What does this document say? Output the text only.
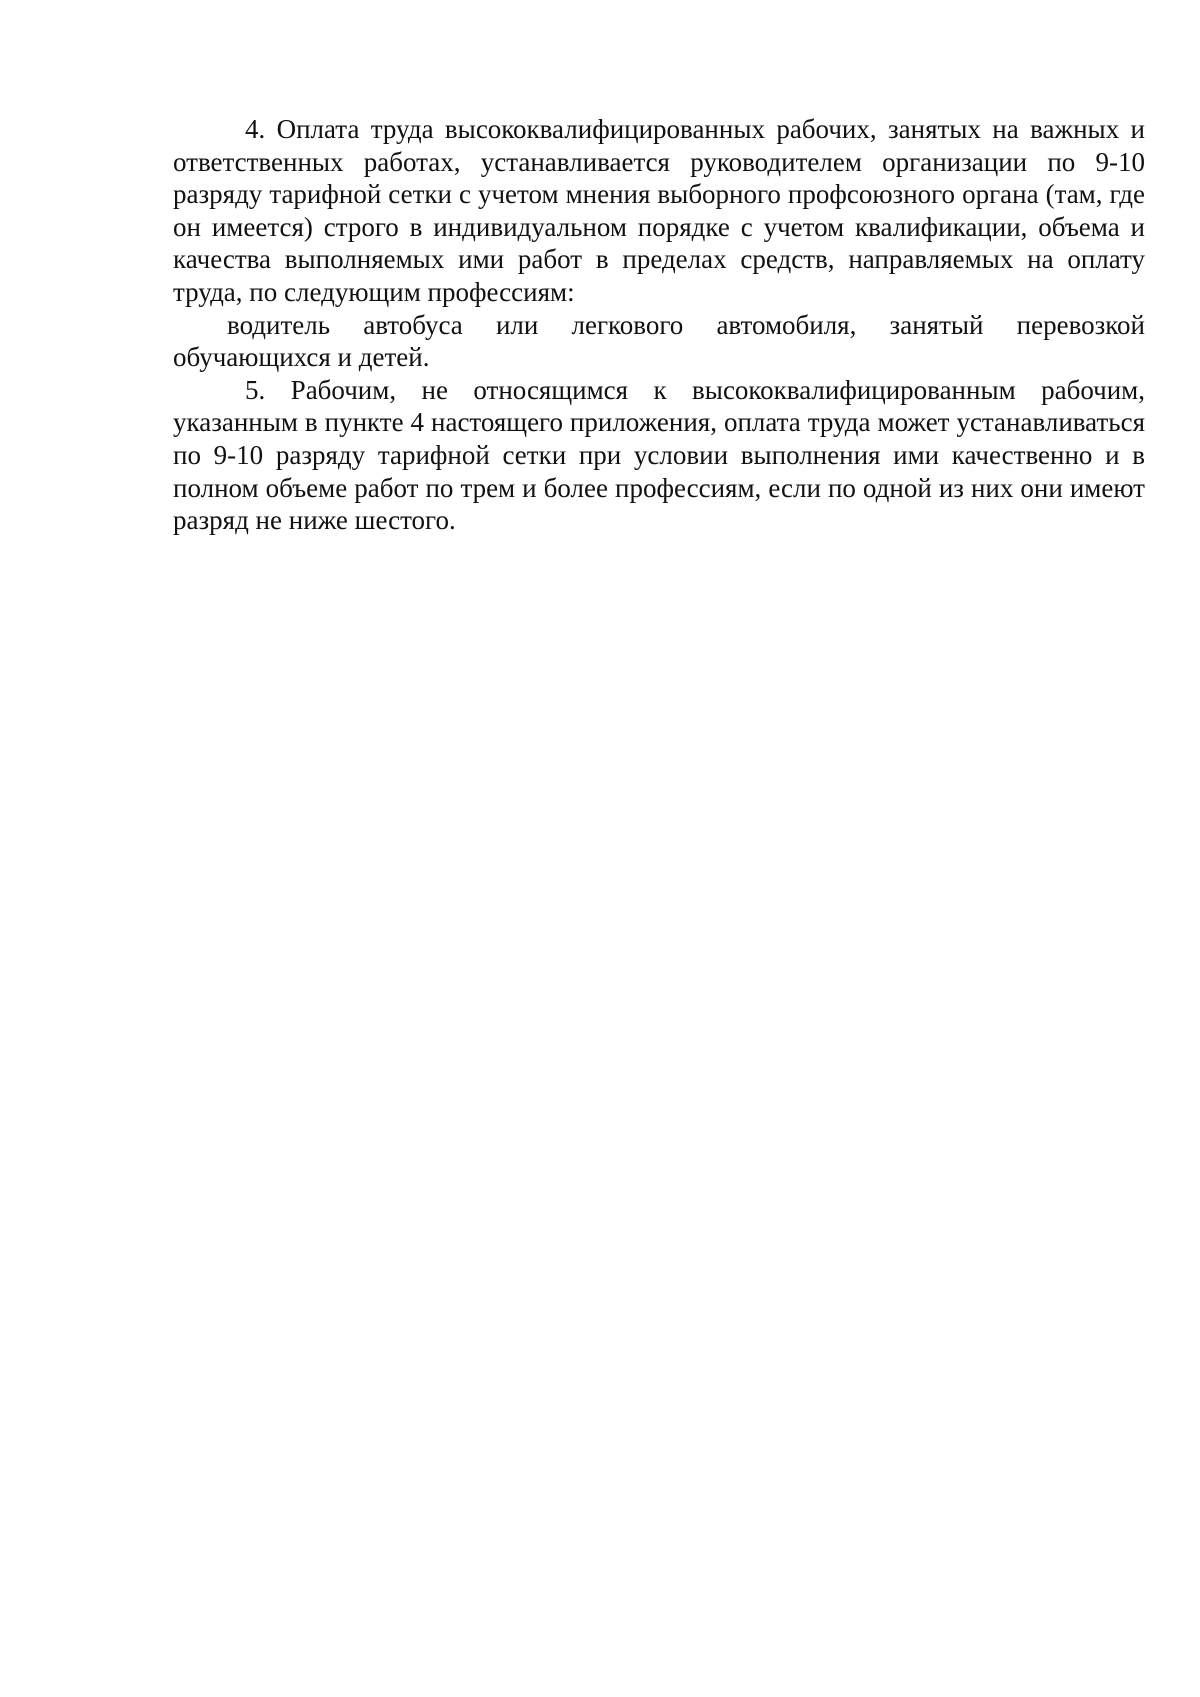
4. Оплата труда высококвалифицированных рабочих, занятых на важных и ответственных работах, устанавливается руководителем организации по 9-10 разряду тарифной сетки с учетом мнения выборного профсоюзного органа (там, где он имеется) строго в индивидуальном порядке с учетом квалификации, объема и качества выполняемых ими работ в пределах средств, направляемых на оплату труда, по следующим профессиям:

водитель автобуса или легкового автомобиля, занятый перевозкой обучающихся и детей.

5. Рабочим, не относящимся к высококвалифицированным рабочим, указанным в пункте 4 настоящего приложения, оплата труда может устанавливаться по 9-10 разряду тарифной сетки при условии выполнения ими качественно и в полном объеме работ по трем и более профессиям, если по одной из них они имеют разряд не ниже шестого.
